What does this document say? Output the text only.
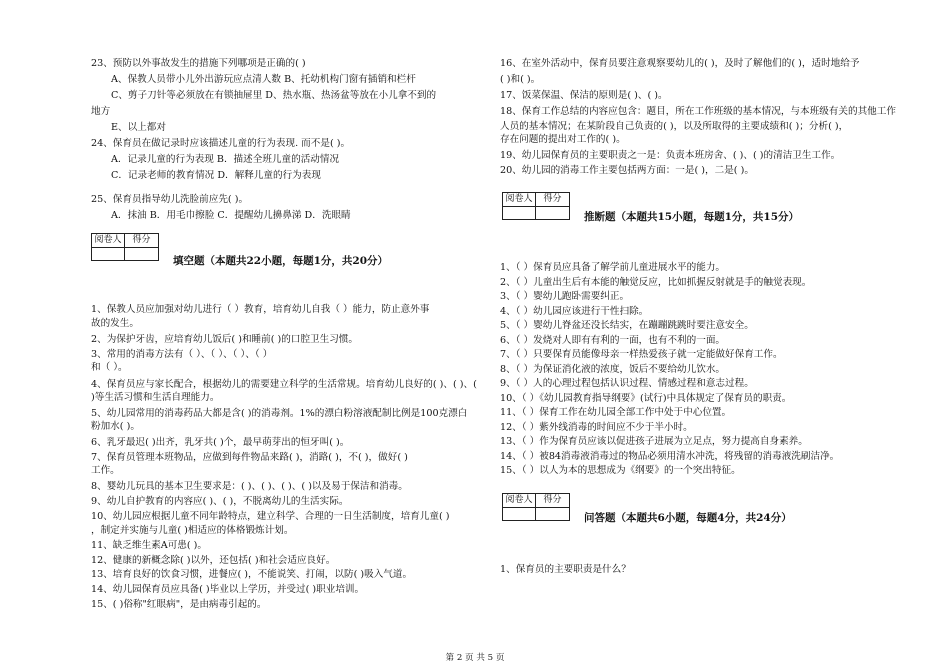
23、预防以外事故发生的措施下列哪项是正确的( )
A、保教人员带小儿外出游玩应点清人数 B、托幼机构门窗有插销和栏杆
C、剪子刀针等必须放在有锁抽屉里 D、热水瓶、热汤盆等放在小儿拿不到的
地方
E、以上都对
24、保育员在做记录时应该描述儿童的行为表现. 而不是( )。
A．记录儿童的行为表现 B．描述全班儿童的活动情况
C．记录老师的教育情况 D．解释儿童的行为表现
25、保育员指导幼儿洗脸前应先( )。
A．抹油 B．用毛巾擦脸 C．提醒幼儿擤鼻涕 D．洗眼睛
阅卷人	得分
填空题（本题共22小题，每题1分，共20分）
1、保教人员应加强对幼儿进行（ ）教育，培育幼儿自我（ ）能力，防止意外事
故的发生。
2、为保护牙齿，应培育幼儿饭后( )和睡前( )的口腔卫生习惯。
3、常用的消毒方法有（ ）、（ ）、（ ）、（ ）
和（ ）。
4、保育员应与家长配合，根据幼儿的需要建立科学的生活常规。培育幼儿良好的( )、( )、(
)等生活习惯和生活自理能力。
5、幼儿园常用的消毒药品大都是含( )的消毒剂。1%的漂白粉溶液配制比例是100克漂白
粉加水( )。
6、乳牙最迟( )出齐，乳牙共( )个，最早萌芽出的恒牙叫( )。
7、保育员管理本班物品，应做到每件物品来路( )，消路( )，不( )，做好( )
工作。
8、婴幼儿玩具的基本卫生要求是：( )、( )、( )、( )以及易于保洁和消毒。
9、幼儿自护教育的内容应( )、( )，不脱离幼儿的生活实际。
10、幼儿园应根据儿童不同年龄特点，建立科学、合理的一日生活制度，培育儿童( )
，制定并实施与儿童( )相适应的体格锻炼计划。
11、缺乏维生素A可患( )。
12、健康的新概念除( )以外，还包括( )和社会适应良好。
13、培育良好的饮食习惯，进餐应( )，不能说笑、打闹，以防( )吸入气道。
14、幼儿园保育员应具备( )毕业以上学历，并受过( )职业培训。
15、( )俗称"红眼病"，是由病毒引起的。
16、在室外活动中，保育员要注意观察要幼儿的( )，及时了解他们的( )，适时地给予
( )和( )。
17、饭菜保温、保洁的原则是( )、( )。
18、保育工作总结的内容应包含：题目，所在工作班级的基本情况，与本班级有关的其他工作
人员的基本情况；在某阶段自己负责的( )，以及所取得的主要成绩和( )；分析( )，
存在问题的提出对工作的( )。
19、幼儿园保育员的主要职责之一是：负责本班房舍、( )、( )的清洁卫生工作。
20、幼儿园的消毒工作主要包括两方面：一是( )，二是( )。
阅卷人	得分
推断题（本题共15小题，每题1分，共15分）
1、（ ）保育员应具备了解学前儿童进展水平的能力。
2、（ ）儿童出生后有本能的触觉反应，比如抓握反射就是手的触觉表现。
3、（ ）婴幼儿跑卧需要纠正。
4、（ ）幼儿园应该进行干性扫除。
5、（ ）婴幼儿脊盆还没长结实，在蹦蹦跳跳时要注意安全。
6、（ ）发烧对人即有有利的一面，也有不利的一面。
7、（ ）只要保育员能像母亲一样热爱孩子就一定能做好保育工作。
8、（ ）为保证消化液的浓度，饭后不要给幼儿饮水。
9、（ ）人的心理过程包括认识过程、情感过程和意志过程。
10、（ ）《幼儿园教育指导纲要》(试行)中具体规定了保育员的职责。
11、（ ）保育工作在幼儿园全部工作中处于中心位置。
12、（ ）紫外线消毒的时间应不少于半小时。
13、（ ）作为保育员应该以促进孩子进展为立足点，努力提高自身素养。
14、（ ）被84消毒液消毒过的物品必须用清水冲洗，将残留的消毒液洗刷洁净。
15、（ ）以人为本的思想成为《纲要》的一个突出特征。
阅卷人	得分
问答题（本题共6小题，每题4分，共24分）
1、保育员的主要职责是什么？
第 2 页 共 5 页
